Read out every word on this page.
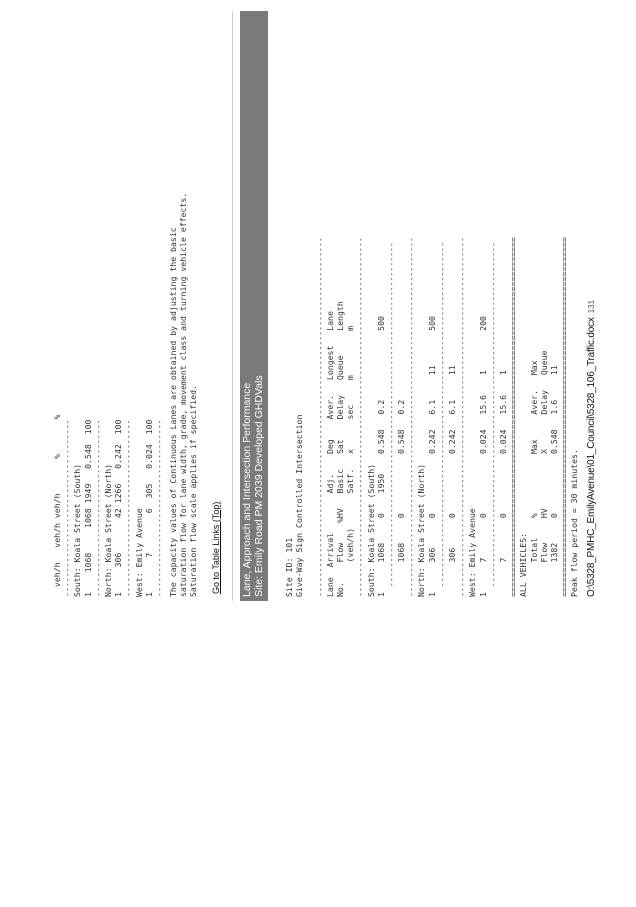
veh/h   veh/h veh/h       %       % ------------------------------------ South: Koala Street (South) 1    1068     1068 1949   0.548  100 ------------------------------------ North: Koala Street (North) 1     306       42 1266   0.242  100 ------------------------------------ West: Emily Avenue 1       7        6  305   0.024  100 ------------------------------------ The capacity values of Continuous Lanes are obtained by adjusting the basic saturation flow for lane width, grade, movement class and turning vehicle effects. Saturation flow scale applies if specified. Go to Table Links (Top) Lane, Approach and Intersection Performance Site: Emily Road PM 2039 Developed GHDVals Site ID: 101 Give-Way Sign Controlled Intersection ------------------------------------------------------------------------- Lane  Arrival        Adj.    Deg    Aver.   Longest   Lane No.    Flow    %HV   Basic   Sat    Delay   Queue     Length (veh/h)       Satf.   x      sec     m         m ------------------------------------------------------------------------- South: Koala Street (South) 1      1068     0    1950    0.548   0.2              500 ---------------------------------------------------------------------- 1068     0            0.548   0.2 ------------------------------------------------------------------------- North: Koala Street (North) 1      306      0            0.242   6.1     11       500 ---------------------------------------------------------------------- 306      0            0.242   6.1     11 ------------------------------------------------------------------------- West: Emily Avenue 1      7        0            0.024   15.6    1        200 ---------------------------------------------------------------------- 7        0            0.024   15.6    1 ========================================================================= ALL VEHICLES: Total    %            Max     Aver.   Max Flow     HV           X       Delay   Queue 1382     0            0.548   1.6     11 ========================================================================= Peak flow period = 30 minutes. O:\5328_PMHC_EmilyAvenue\01_Council\5328_106_Traffic.docx131
